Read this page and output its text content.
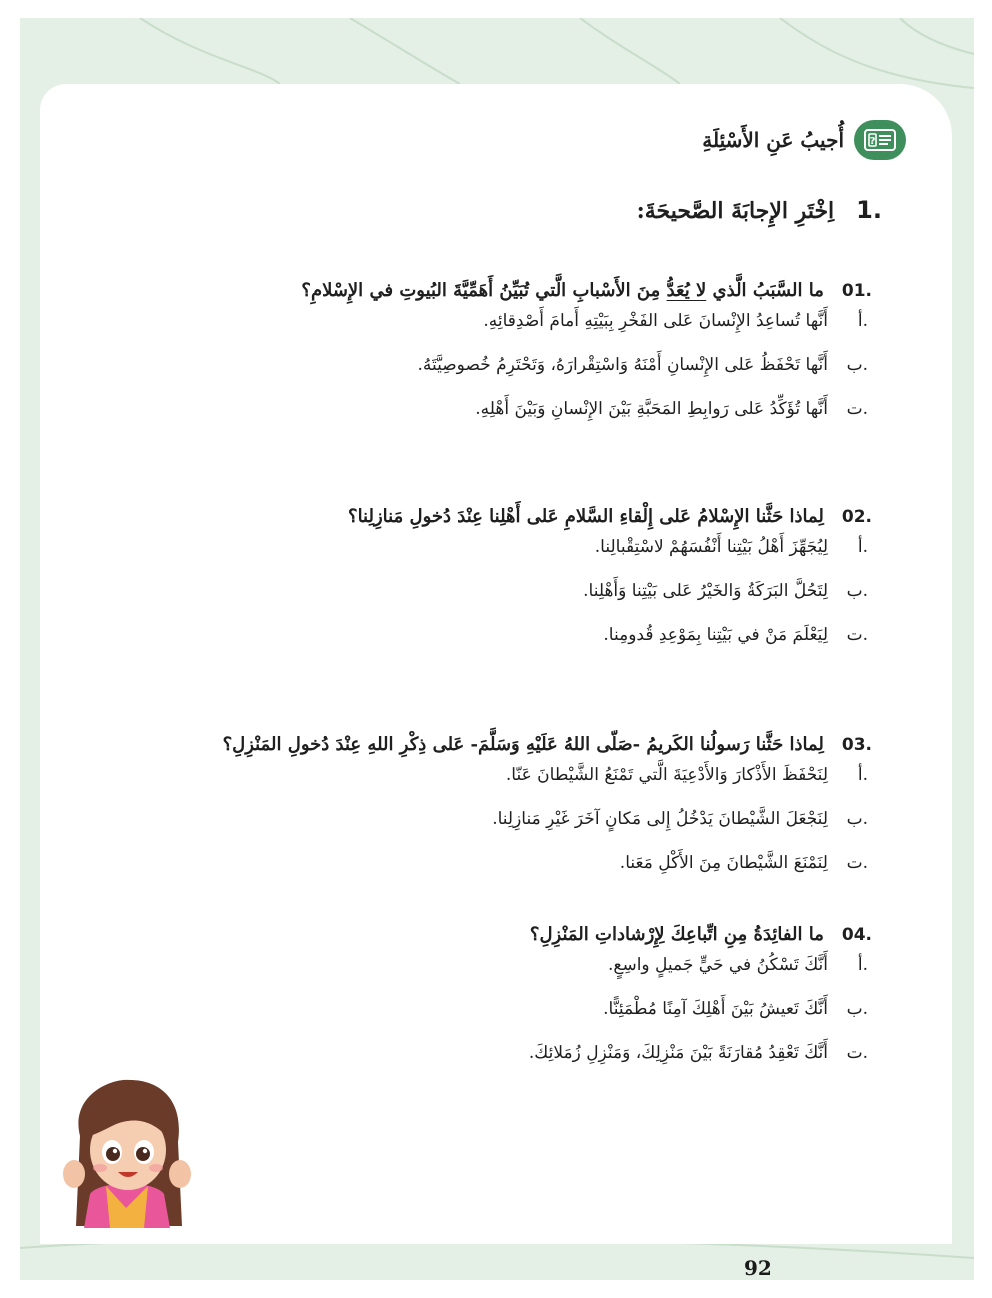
?
أُجيبُ عَنِ الأَسْئِلَةِ
1.
اِخْتَرِ الإِجابَةَ الصَّحيحَةَ:
01.
ما السَّبَبُ الَّذي لا يُعَدُّ مِنَ الأَسْبابِ الَّتي تُبَيِّنُ أَهَمِّيَّةَ البُيوتِ في الإِسْلامِ؟
أ.
أَنَّها تُساعِدُ الإِنْسانَ عَلى الفَخْرِ بِبَيْتِهِ أَمامَ أَصْدِقائِهِ.
ب.
أَنَّها تَحْفَظُ عَلى الإِنْسانِ أَمْنَهُ وَاسْتِقْرارَهُ، وَتَحْتَرِمُ خُصوصِيَّتَهُ.
ت.
أَنَّها تُؤَكِّدُ عَلى رَوابِطِ المَحَبَّةِ بَيْنَ الإِنْسانِ وَبَيْنَ أَهْلِهِ.
02.
لِماذا حَثَّنا الإِسْلامُ عَلى إِلْقاءِ السَّلامِ عَلى أَهْلِنا عِنْدَ دُخولِ مَنازِلِنا؟
أ.
لِيُجَهِّزَ أَهْلُ بَيْتِنا أَنْفُسَهُمْ لاسْتِقْبالِنا.
ب.
لِتَحُلَّ البَرَكَةُ وَالخَيْرُ عَلى بَيْتِنا وَأَهْلِنا.
ت.
لِيَعْلَمَ مَنْ في بَيْتِنا بِمَوْعِدِ قُدومِنا.
03.
لِماذا حَثَّنا رَسولُنا الكَريمُ -صَلّى اللهُ عَلَيْهِ وَسَلَّمَ- عَلى ذِكْرِ اللهِ عِنْدَ دُخولِ المَنْزِلِ؟
أ.
لِنَحْفَظَ الأَذْكارَ وَالأَدْعِيَةَ الَّتي تَمْنَعُ الشَّيْطانَ عَنّا.
ب.
لِنَجْعَلَ الشَّيْطانَ يَدْخُلُ إِلى مَكانٍ آخَرَ غَيْرِ مَنازِلِنا.
ت.
لِنَمْنَعَ الشَّيْطانَ مِنَ الأَكْلِ مَعَنا.
04.
ما الفائِدَةُ مِنِ اتِّباعِكَ لِإِرْشاداتِ المَنْزِلِ؟
أ.
أَنَّكَ تَسْكُنُ في حَيٍّ جَميلٍ واسِعٍ.
ب.
أَنَّكَ تَعيشُ بَيْنَ أَهْلِكَ آمِنًا مُطْمَئِنًّا.
ت.
أَنَّكَ تَعْقِدُ مُقارَنَةً بَيْنَ مَنْزِلِكَ، وَمَنْزِلِ زُمَلائِكَ.
92
